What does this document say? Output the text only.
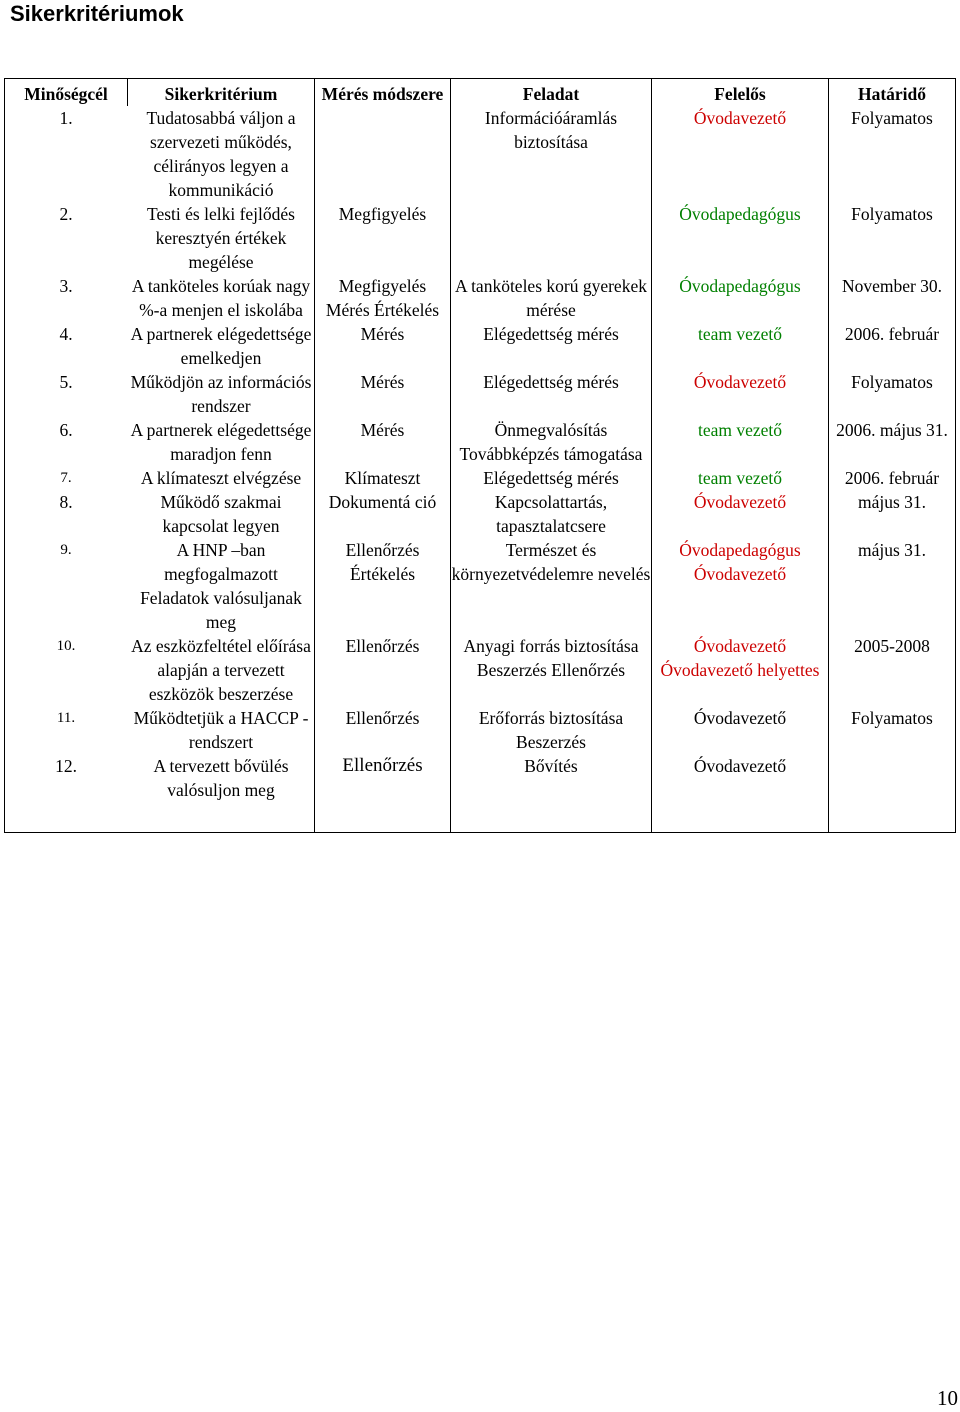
Sikerkritériumok
Minőségcél	Sikerkritérium	Mérés módszere	Feladat	Felelős	Határidő

1. Tudatosabbá váljon a szervezeti működés, célirányos legyen a kommunikáció			Információáramlás biztosítása	Óvodavezető	Folyamatos

2. Testi és lelki fejlődés keresztyén értékek megélése		Megfigyelés		Óvodapedagógus	Folyamatos

3. A tanköteles korúak nagy %-a menjen el iskolába		Megfigyelés Mérés Értékelés	A tanköteles korú gyerekek mérése	Óvodapedagógus	November 30.

4. A partnerek elégedettsége emelkedjen		Mérés	Elégedettség mérés	team vezető	2006. február

5. Működjön az információs rendszer		Mérés	Elégedettség mérés	Óvodavezető	Folyamatos

6. A partnerek elégedettsége maradjon fenn		Mérés	Önmegvalósítás Továbbképzés támogatása	team vezető	2006. május 31.

7. A klímateszt elvégzése		Klímateszt	Elégedettség mérés	team vezető	2006. február

8. Működő szakmai kapcsolat legyen		Dokumentá ció	Kapcsolattartás, tapasztalatcsere	Óvodavezető	május 31.

9. A HNP –ban megfogalmazott Feladatok valósuljanak meg		Ellenőrzés Értékelés	Természet és környezetvédelemre nevelés	Óvodapedagógus Óvodavezető	május 31.

10. Az eszközfeltétel előírása alapján a tervezett eszközök beszerzése		Ellenőrzés	Anyagi forrás biztosítása Beszerzés Ellenőrzés	Óvodavezető Óvodavezető helyettes	2005-2008

11. Működtetjük a HACCP - rendszert		Ellenőrzés	Erőforrás biztosítása Beszerzés	Óvodavezető	Folyamatos

12. A tervezett bővülés valósuljon meg		Ellenőrzés	Bővítés	Óvodavezető	
10
